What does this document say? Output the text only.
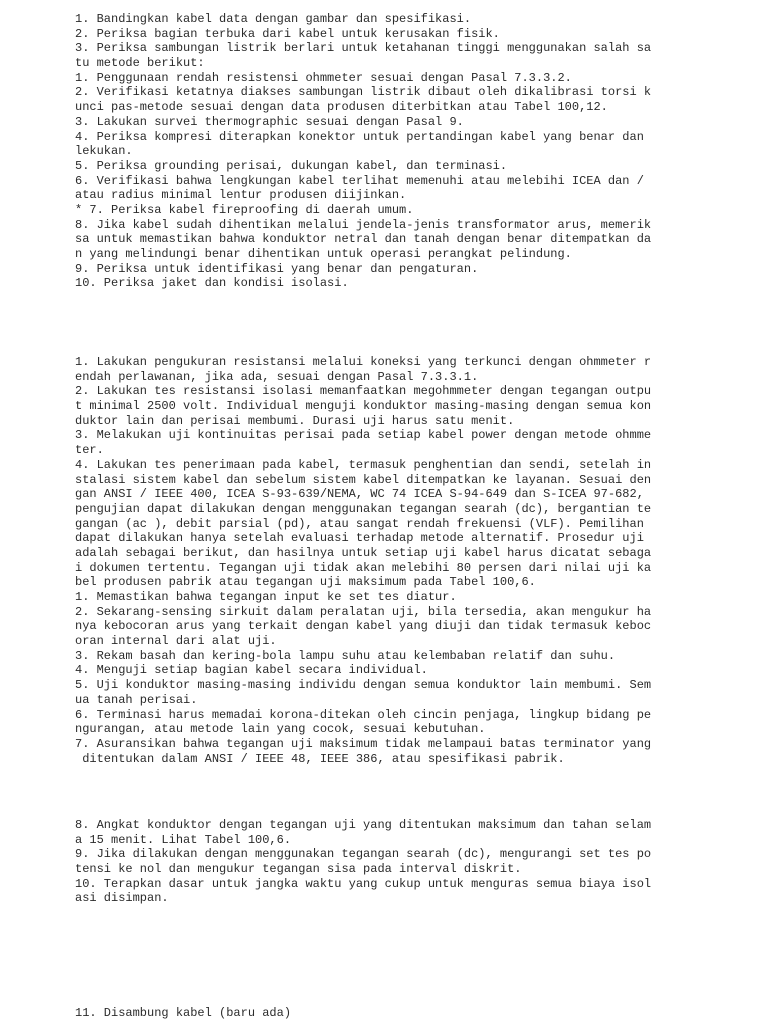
1. Bandingkan kabel data dengan gambar dan spesifikasi.
2. Periksa bagian terbuka dari kabel untuk kerusakan fisik.
3. Periksa sambungan listrik berlari untuk ketahanan tinggi menggunakan salah sa
tu metode berikut:
1. Penggunaan rendah resistensi ohmmeter sesuai dengan Pasal 7.3.3.2.
2. Verifikasi ketatnya diakses sambungan listrik dibaut oleh dikalibrasi torsi k
unci pas-metode sesuai dengan data produsen diterbitkan atau Tabel 100,12.
3. Lakukan survei thermographic sesuai dengan Pasal 9.
4. Periksa kompresi diterapkan konektor untuk pertandingan kabel yang benar dan
lekukan.
5. Periksa grounding perisai, dukungan kabel, dan terminasi.
6. Verifikasi bahwa lengkungan kabel terlihat memenuhi atau melebihi ICEA dan /
atau radius minimal lentur produsen diijinkan.
* 7. Periksa kabel fireproofing di daerah umum.
8. Jika kabel sudah dihentikan melalui jendela-jenis transformator arus, memerik
sa untuk memastikan bahwa konduktor netral dan tanah dengan benar ditempatkan da
n yang melindungi benar dihentikan untuk operasi perangkat pelindung.
9. Periksa untuk identifikasi yang benar dan pengaturan.
10. Periksa jaket dan kondisi isolasi.
1. Lakukan pengukuran resistansi melalui koneksi yang terkunci dengan ohmmeter r
endah perlawanan, jika ada, sesuai dengan Pasal 7.3.3.1.
2. Lakukan tes resistansi isolasi memanfaatkan megohmmeter dengan tegangan outpu
t minimal 2500 volt. Individual menguji konduktor masing-masing dengan semua kon
duktor lain dan perisai membumi. Durasi uji harus satu menit.
3. Melakukan uji kontinuitas perisai pada setiap kabel power dengan metode ohmme
ter.
4. Lakukan tes penerimaan pada kabel, termasuk penghentian dan sendi, setelah in
stalasi sistem kabel dan sebelum sistem kabel ditempatkan ke layanan. Sesuai den
gan ANSI / IEEE 400, ICEA S-93-639/NEMA, WC 74 ICEA S-94-649 dan S-ICEA 97-682,
pengujian dapat dilakukan dengan menggunakan tegangan searah (dc), bergantian te
gangan (ac ), debit parsial (pd), atau sangat rendah frekuensi (VLF). Pemilihan
dapat dilakukan hanya setelah evaluasi terhadap metode alternatif. Prosedur uji
adalah sebagai berikut, dan hasilnya untuk setiap uji kabel harus dicatat sebaga
i dokumen tertentu. Tegangan uji tidak akan melebihi 80 persen dari nilai uji ka
bel produsen pabrik atau tegangan uji maksimum pada Tabel 100,6.
1. Memastikan bahwa tegangan input ke set tes diatur.
2. Sekarang-sensing sirkuit dalam peralatan uji, bila tersedia, akan mengukur ha
nya kebocoran arus yang terkait dengan kabel yang diuji dan tidak termasuk keboc
oran internal dari alat uji.
3. Rekam basah dan kering-bola lampu suhu atau kelembaban relatif dan suhu.
4. Menguji setiap bagian kabel secara individual.
5. Uji konduktor masing-masing individu dengan semua konduktor lain membumi. Sem
ua tanah perisai.
6. Terminasi harus memadai korona-ditekan oleh cincin penjaga, lingkup bidang pe
ngurangan, atau metode lain yang cocok, sesuai kebutuhan.
7. Asuransikan bahwa tegangan uji maksimum tidak melampaui batas terminator yang
ditentukan dalam ANSI / IEEE 48, IEEE 386, atau spesifikasi pabrik.
8. Angkat konduktor dengan tegangan uji yang ditentukan maksimum dan tahan selam
a 15 menit. Lihat Tabel 100,6.
9. Jika dilakukan dengan menggunakan tegangan searah (dc), mengurangi set tes po
tensi ke nol dan mengukur tegangan sisa pada interval diskrit.
10. Terapkan dasar untuk jangka waktu yang cukup untuk menguras semua biaya isol
asi disimpan.
11. Disambung kabel (baru ada)
